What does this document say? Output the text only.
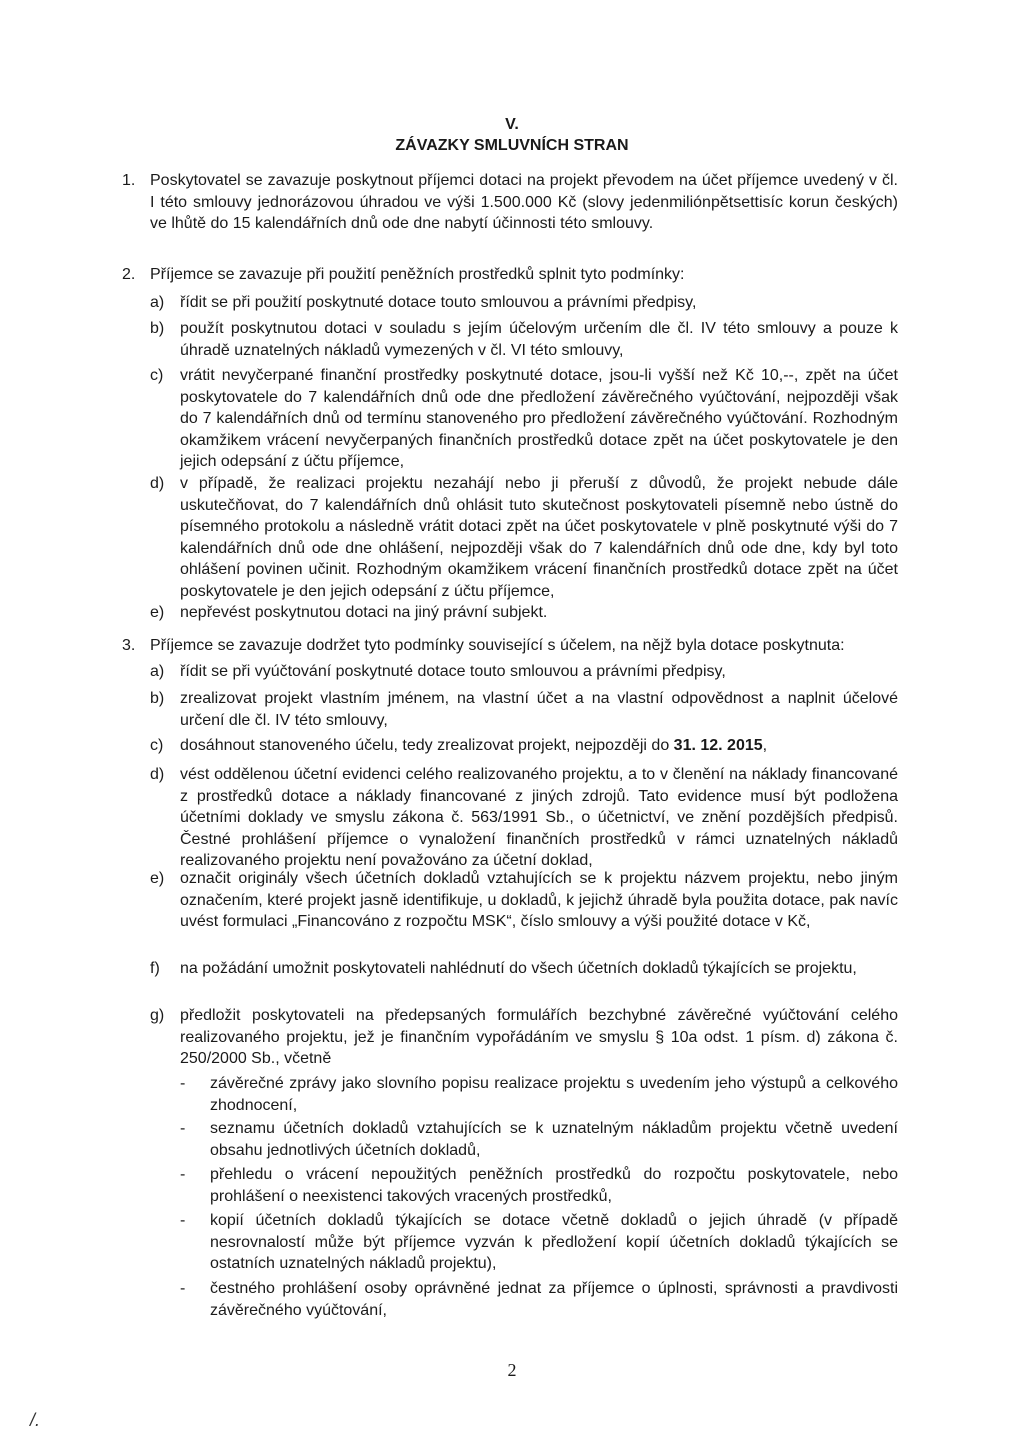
V.
ZÁVAZKY SMLUVNÍCH STRAN
1. Poskytovatel se zavazuje poskytnout příjemci dotaci na projekt převodem na účet příjemce uvedený v čl. I této smlouvy jednorázovou úhradou ve výši 1.500.000 Kč (slovy jedenmiliónpětsettisíc korun českých) ve lhůtě do 15 kalendářních dnů ode dne nabytí účinnosti této smlouvy.
2. Příjemce se zavazuje při použití peněžních prostředků splnit tyto podmínky:
a) řídit se při použití poskytnuté dotace touto smlouvou a právními předpisy,
b) použít poskytnutou dotaci v souladu s jejím účelovým určením dle čl. IV této smlouvy a pouze k úhradě uznatelných nákladů vymezených v čl. VI této smlouvy,
c) vrátit nevyčerpané finanční prostředky poskytnuté dotace, jsou-li vyšší než Kč 10,--, zpět na účet poskytovatele do 7 kalendářních dnů ode dne předložení závěrečného vyúčtování, nejpozději však do 7 kalendářních dnů od termínu stanoveného pro předložení závěrečného vyúčtování. Rozhodným okamžikem vrácení nevyčerpaných finančních prostředků dotace zpět na účet poskytovatele je den jejich odepsání z účtu příjemce,
d) v případě, že realizaci projektu nezahájí nebo ji přeruší z důvodů, že projekt nebude dále uskutečňovat, do 7 kalendářních dnů ohlásit tuto skutečnost poskytovateli písemně nebo ústně do písemného protokolu a následně vrátit dotaci zpět na účet poskytovatele v plně poskytnuté výši do 7 kalendářních dnů ode dne ohlášení, nejpozději však do 7 kalendářních dnů ode dne, kdy byl toto ohlášení povinen učinit. Rozhodným okamžikem vrácení finančních prostředků dotace zpět na účet poskytovatele je den jejich odepsání z účtu příjemce,
e) nepřevést poskytnutou dotaci na jiný právní subjekt.
3. Příjemce se zavazuje dodržet tyto podmínky související s účelem, na nějž byla dotace poskytnuta:
a) řídit se při vyúčtování poskytnuté dotace touto smlouvou a právními předpisy,
b) zrealizovat projekt vlastním jménem, na vlastní účet a na vlastní odpovědnost a naplnit účelové určení dle čl. IV této smlouvy,
c) dosáhnout stanoveného účelu, tedy zrealizovat projekt, nejpozději do 31. 12. 2015,
d) vést oddělenou účetní evidenci celého realizovaného projektu, a to v členění na náklady financované z prostředků dotace a náklady financované z jiných zdrojů. Tato evidence musí být podložena účetními doklady ve smyslu zákona č. 563/1991 Sb., o účetnictví, ve znění pozdějších předpisů. Čestné prohlášení příjemce o vynaložení finančních prostředků v rámci uznatelných nákladů realizovaného projektu není považováno za účetní doklad,
e) označit originály všech účetních dokladů vztahujících se k projektu názvem projektu, nebo jiným označením, které projekt jasně identifikuje, u dokladů, k jejichž úhradě byla použita dotace, pak navíc uvést formulaci „Financováno z rozpočtu MSK“, číslo smlouvy a výši použité dotace v Kč,
f) na požádání umožnit poskytovateli nahlédnutí do všech účetních dokladů týkajících se projektu,
g) předložit poskytovateli na předepsaných formulářích bezchybné závěrečné vyúčtování celého realizovaného projektu, jež je finančním vypořádáním ve smyslu § 10a odst. 1 písm. d) zákona č. 250/2000 Sb., včetně
- závěrečné zprávy jako slovního popisu realizace projektu s uvedením jeho výstupů a celkového zhodnocení,
- seznamu účetních dokladů vztahujících se k uznatelným nákladům projektu včetně uvedení obsahu jednotlivých účetních dokladů,
- přehledu o vrácení nepoužitých peněžních prostředků do rozpočtu poskytovatele, nebo prohlášení o neexistenci takových vracených prostředků,
- kopií účetních dokladů týkajících se dotace včetně dokladů o jejich úhradě (v případě nesrovnalostí může být příjemce vyzván k předložení kopií účetních dokladů týkajících se ostatních uznatelných nákladů projektu),
- čestného prohlášení osoby oprávněné jednat za příjemce o úplnosti, správnosti a pravdivosti závěrečného vyúčtování,
2
/.
